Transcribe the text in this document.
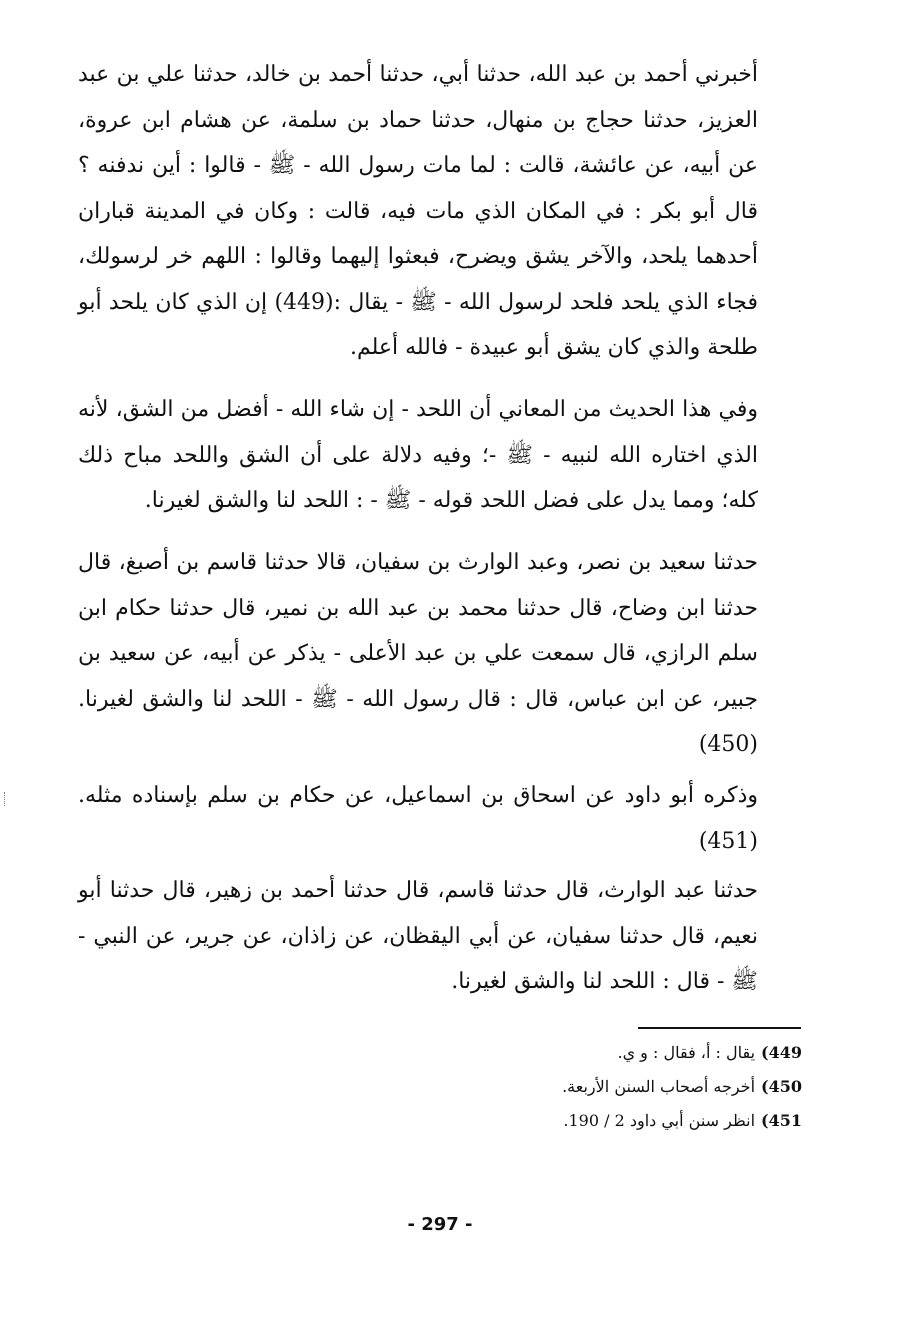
أخبرني أحمد بن عبد الله، حدثنا أبي، حدثنا أحمد بن خالد، حدثنا علي بن عبد العزيز، حدثنا حجاج بن منهال، حدثنا حماد بن سلمة، عن هشام ابن عروة، عن أبيه، عن عائشة، قالت : لما مات رسول الله - ﷺ - قالوا : أين ندفنه ؟ قال أبو بكر : في المكان الذي مات فيه، قالت : وكان في المدينة قباران أحدهما يلحد، والآخر يشق ويضرح، فبعثوا إليهما وقالوا : اللهم خر لرسولك، فجاء الذي يلحد فلحد لرسول الله - ﷺ - يقال :(449) إن الذي كان يلحد أبو طلحة والذي كان يشق أبو عبيدة - فالله أعلم.

وفي هذا الحديث من المعاني أن اللحد - إن شاء الله - أفضل من الشق، لأنه الذي اختاره الله لنبيه - ﷺ -؛ وفيه دلالة على أن الشق واللحد مباح ذلك كله؛ ومما يدل على فضل اللحد قوله - ﷺ - : اللحد لنا والشق لغيرنا.

حدثنا سعيد بن نصر، وعبد الوارث بن سفيان، قالا حدثنا قاسم بن أصبغ، قال حدثنا ابن وضاح، قال حدثنا محمد بن عبد الله بن نمير، قال حدثنا حكام ابن سلم الرازي، قال سمعت علي بن عبد الأعلى - يذكر عن أبيه، عن سعيد بن جبير، عن ابن عباس، قال : قال رسول الله - ﷺ - اللحد لنا والشق لغيرنا.(450)

وذكره أبو داود عن اسحاق بن اسماعيل، عن حكام بن سلم بإسناده مثله.(451)

حدثنا عبد الوارث، قال حدثنا قاسم، قال حدثنا أحمد بن زهير، قال حدثنا أبو نعيم، قال حدثنا سفيان، عن أبي اليقظان، عن زاذان، عن جرير، عن النبي - ﷺ - قال : اللحد لنا والشق لغيرنا.

449)يقال : أ، فقال : و ي.

450)أخرجه أصحاب السنن الأربعة.

451)انظر سنن أبي داود 2 / 190.

- 297 -
